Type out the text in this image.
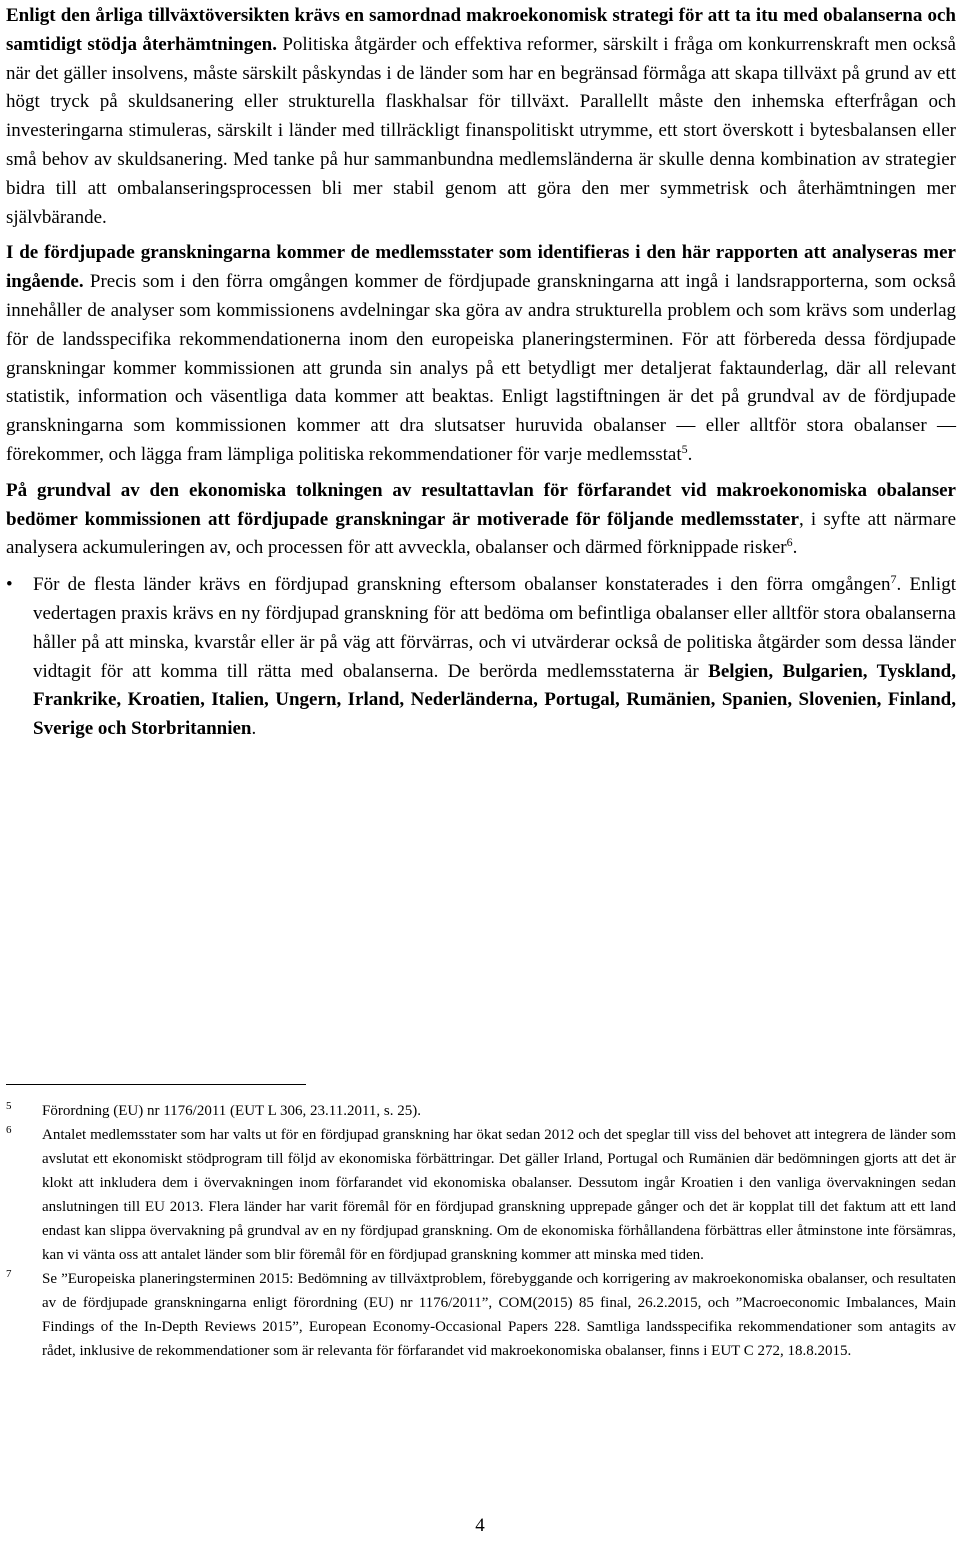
Enligt den årliga tillväxtöversikten krävs en samordnad makroekonomisk strategi för att ta itu med obalanserna och samtidigt stödja återhämtningen. Politiska åtgärder och effektiva reformer, särskilt i fråga om konkurrenskraft men också när det gäller insolvens, måste särskilt påskyndas i de länder som har en begränsad förmåga att skapa tillväxt på grund av ett högt tryck på skuldsanering eller strukturella flaskhalsar för tillväxt. Parallellt måste den inhemska efterfrågan och investeringarna stimuleras, särskilt i länder med tillräckligt finanspolitiskt utrymme, ett stort överskott i bytesbalansen eller små behov av skuldsanering. Med tanke på hur sammanbundna medlemsländerna är skulle denna kombination av strategier bidra till att ombalanseringsprocessen bli mer stabil genom att göra den mer symmetrisk och återhämtningen mer självbärande.

I de fördjupade granskningarna kommer de medlemsstater som identifieras i den här rapporten att analyseras mer ingående. Precis som i den förra omgången kommer de fördjupade granskningarna att ingå i landsrapporterna, som också innehåller de analyser som kommissionens avdelningar ska göra av andra strukturella problem och som krävs som underlag för de landsspecifika rekommendationerna inom den europeiska planeringsterminen. För att förbereda dessa fördjupade granskningar kommer kommissionen att grunda sin analys på ett betydligt mer detaljerat faktaunderlag, där all relevant statistik, information och väsentliga data kommer att beaktas. Enligt lagstiftningen är det på grundval av de fördjupade granskningarna som kommissionen kommer att dra slutsatser huruvida obalanser — eller alltför stora obalanser — förekommer, och lägga fram lämpliga politiska rekommendationer för varje medlemsstat$^5$.

På grundval av den ekonomiska tolkningen av resultattavlan för förfarandet vid makroekonomiska obalanser bedömer kommissionen att fördjupade granskningar är motiverade för följande medlemsstater, i syfte att närmare analysera ackumuleringen av, och processen för att avveckla, obalanser och därmed förknippade risker$^6$.

•	För de flesta länder krävs en fördjupad granskning eftersom obalanser konstaterades i den förra omgången$^7$. Enligt vedertagen praxis krävs en ny fördjupad granskning för att bedöma om befintliga obalanser eller alltför stora obalanserna håller på att minska, kvarstår eller är på väg att förvärras, och vi utvärderar också de politiska åtgärder som dessa länder vidtagit för att komma till rätta med obalanserna. De berörda medlemsstaterna är Belgien, Bulgarien, Tyskland, Frankrike, Kroatien, Italien, Ungern, Irland, Nederländerna, Portugal, Rumänien, Spanien, Slovenien, Finland, Sverige och Storbritannien.
5	Förordning (EU) nr 1176/2011 (EUT L 306, 23.11.2011, s. 25).
6	Antalet medlemsstater som har valts ut för en fördjupad granskning har ökat sedan 2012 och det speglar till viss del behovet att integrera de länder som avslutat ett ekonomiskt stödprogram till följd av ekonomiska förbättringar. Det gäller Irland, Portugal och Rumänien där bedömningen gjorts att det är klokt att inkludera dem i övervakningen inom förfarandet vid ekonomiska obalanser. Dessutom ingår Kroatien i den vanliga övervakningen sedan anslutningen till EU 2013. Flera länder har varit föremål för en fördjupad granskning upprepade gånger och det är kopplat till det faktum att ett land endast kan slippa övervakning på grundval av en ny fördjupad granskning. Om de ekonomiska förhållandena förbättras eller åtminstone inte försämras, kan vi vänta oss att antalet länder som blir föremål för en fördjupad granskning kommer att minska med tiden.
7	Se ”Europeiska planeringsterminen 2015: Bedömning av tillväxtproblem, förebyggande och korrigering av makroekonomiska obalanser, och resultaten av de fördjupade granskningarna enligt förordning (EU) nr 1176/2011”, COM(2015) 85 final, 26.2.2015, och ”Macroeconomic Imbalances, Main Findings of the In-Depth Reviews 2015”, European Economy-Occasional Papers 228. Samtliga landsspecifika rekommendationer som antagits av rådet, inklusive de rekommendationer som är relevanta för förfarandet vid makroekonomiska obalanser, finns i EUT C 272, 18.8.2015.
4
